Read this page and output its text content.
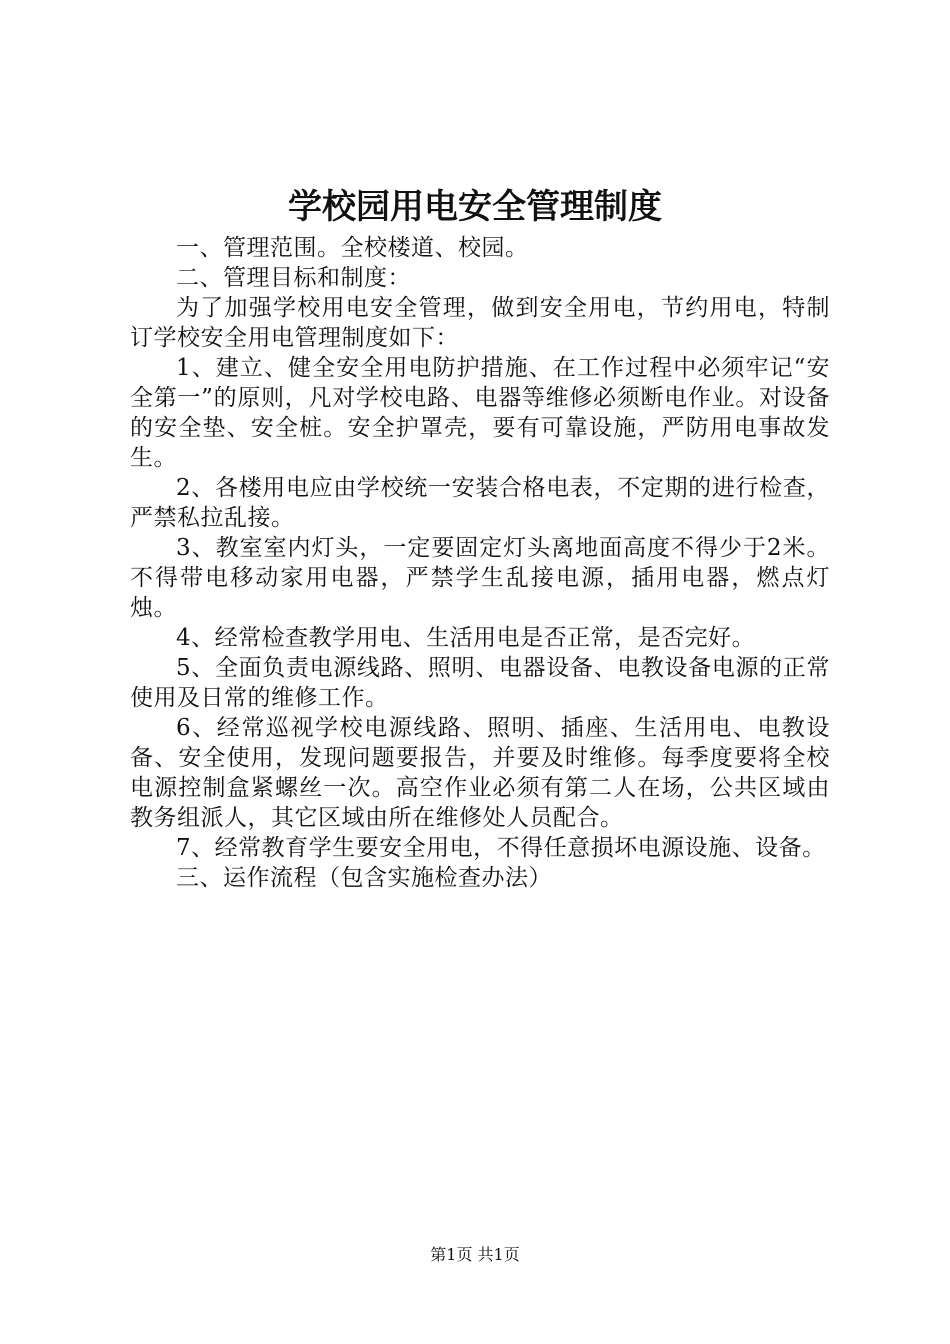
学校园用电安全管理制度

一、管理范围。全校楼道、校园。

二、管理目标和制度：

为了加强学校用电安全管理，做到安全用电，节约用电，特制订学校安全用电管理制度如下：

1、建立、健全安全用电防护措施、在工作过程中必须牢记“安全第一”的原则，凡对学校电路、电器等维修必须断电作业。对设备的安全垫、安全桩。安全护罩壳，要有可靠设施，严防用电事故发生。

2、各楼用电应由学校统一安装合格电表，不定期的进行检查，严禁私拉乱接。

3、教室室内灯头，一定要固定灯头离地面高度不得少于2米。不得带电移动家用电器，严禁学生乱接电源，插用电器，燃点灯烛。

4、经常检查教学用电、生活用电是否正常，是否完好。

5、全面负责电源线路、照明、电器设备、电教设备电源的正常使用及日常的维修工作。

6、经常巡视学校电源线路、照明、插座、生活用电、电教设备、安全使用，发现问题要报告，并要及时维修。每季度要将全校电源控制盒紧螺丝一次。高空作业必须有第二人在场，公共区域由教务组派人，其它区域由所在维修处人员配合。

7、经常教育学生要安全用电，不得任意损坏电源设施、设备。

三、运作流程（包含实施检查办法）

第1页 共1页
